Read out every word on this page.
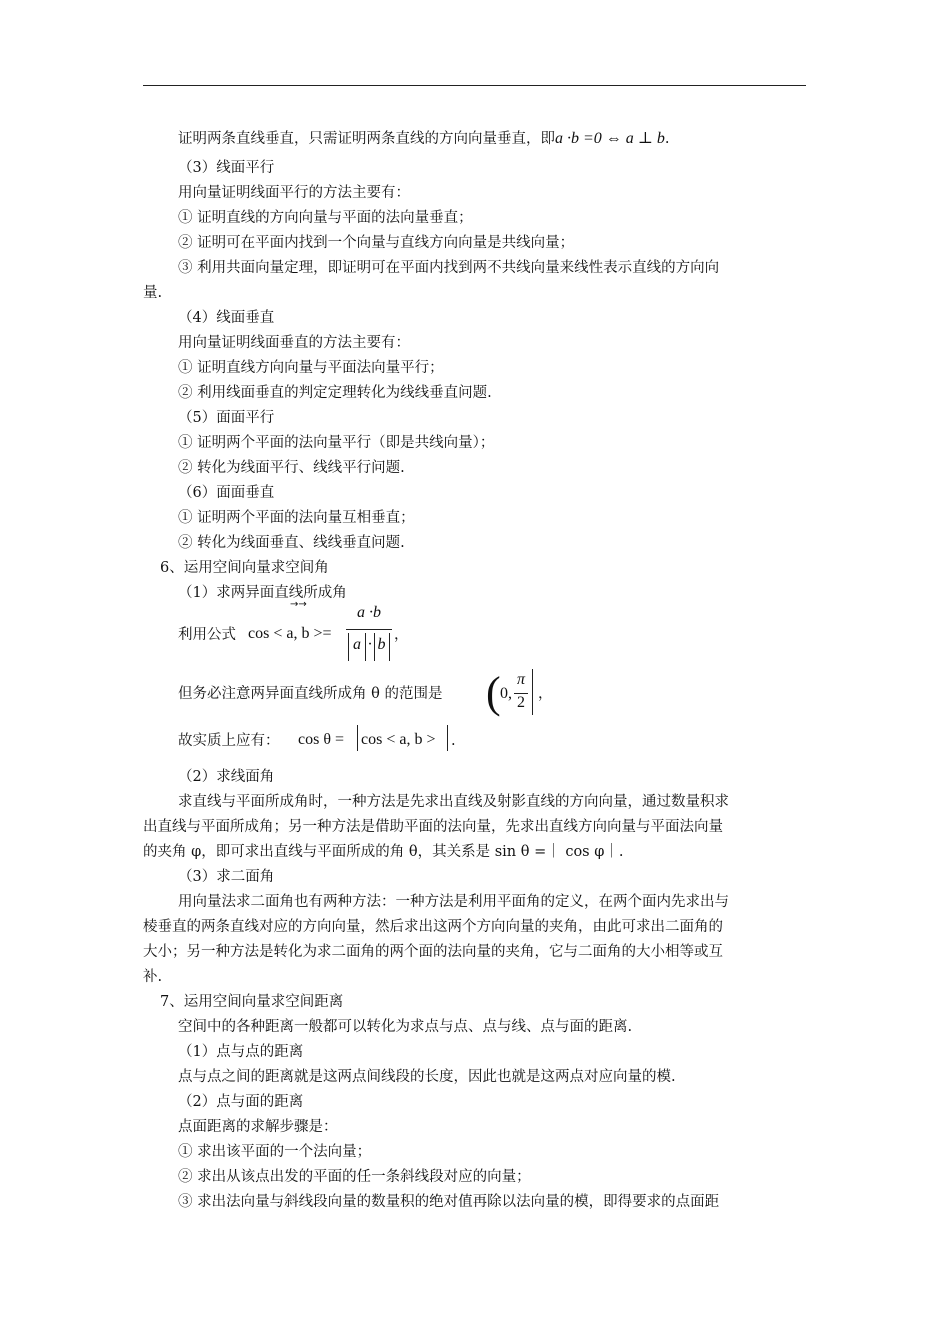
证明两条直线垂直，只需证明两条直线的方向向量垂直，即a ·b =0 ⇔ a ⊥ b.
（3）线面平行
用向量证明线面平行的方法主要有：
① 证明直线的方向向量与平面的法向量垂直；
② 证明可在平面内找到一个向量与直线方向向量是共线向量；
③ 利用共面向量定理，即证明可在平面内找到两不共线向量来线性表示直线的方向向
量.
（4）线面垂直
用向量证明线面垂直的方法主要有：
① 证明直线方向向量与平面法向量平行；
② 利用线面垂直的判定定理转化为线线垂直问题.
（5）面面平行
① 证明两个平面的法向量平行（即是共线向量）；
② 转化为线面平行、线线平行问题.
（6）面面垂直
① 证明两个平面的法向量互相垂直；
② 转化为线面垂直、线线垂直问题.
6、运用空间向量求空间角
（1）求两异面直线所成角
利用公式 cos < a, b >=
→→	a ·b
a · b
，
但务必注意两异面直线所成角 θ 的范围是 ( 0,
π
2 ，
故实质上应有： cos θ = cos < a, b > .
（2）求线面角
求直线与平面所成角时，一种方法是先求出直线及射影直线的方向向量，通过数量积求
出直线与平面所成角；另一种方法是借助平面的法向量，先求出直线方向向量与平面法向量
的夹角 φ，即可求出直线与平面所成的角 θ，其关系是 sin θ =｜ cos φ｜.
（3）求二面角
用向量法求二面角也有两种方法：一种方法是利用平面角的定义，在两个面内先求出与
棱垂直的两条直线对应的方向向量，然后求出这两个方向向量的夹角，由此可求出二面角的
大小；另一种方法是转化为求二面角的两个面的法向量的夹角，它与二面角的大小相等或互
补.
7、运用空间向量求空间距离
空间中的各种距离一般都可以转化为求点与点、点与线、点与面的距离.
（1）点与点的距离
点与点之间的距离就是这两点间线段的长度，因此也就是这两点对应向量的模.
（2）点与面的距离
点面距离的求解步骤是：
① 求出该平面的一个法向量；
② 求出从该点出发的平面的任一条斜线段对应的向量；
③ 求出法向量与斜线段向量的数量积的绝对值再除以法向量的模，即得要求的点面距
